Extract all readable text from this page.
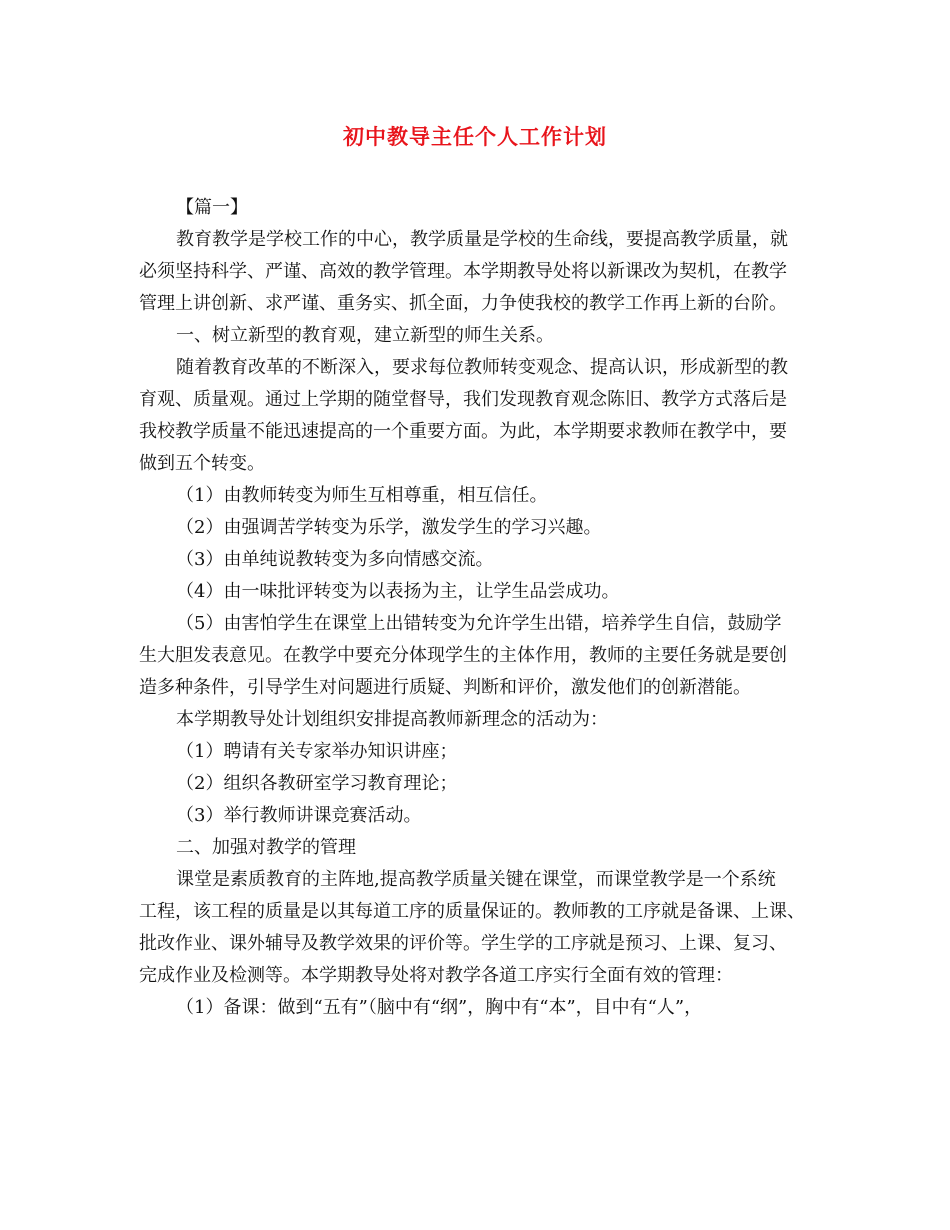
初中教导主任个人工作计划
【篇一】
教育教学是学校工作的中心，教学质量是学校的生命线，要提高教学质量，就
必须坚持科学、严谨、高效的教学管理。本学期教导处将以新课改为契机，在教学
管理上讲创新、求严谨、重务实、抓全面，力争使我校的教学工作再上新的台阶。
一、树立新型的教育观，建立新型的师生关系。
随着教育改革的不断深入，要求每位教师转变观念、提高认识，形成新型的教
育观、质量观。通过上学期的随堂督导，我们发现教育观念陈旧、教学方式落后是
我校教学质量不能迅速提高的一个重要方面。为此，本学期要求教师在教学中，要
做到五个转变。
（1）由教师转变为师生互相尊重，相互信任。
（2）由强调苦学转变为乐学，激发学生的学习兴趣。
（3）由单纯说教转变为多向情感交流。
（4）由一味批评转变为以表扬为主，让学生品尝成功。
（5）由害怕学生在课堂上出错转变为允许学生出错，培养学生自信，鼓励学
生大胆发表意见。在教学中要充分体现学生的主体作用，教师的主要任务就是要创
造多种条件，引导学生对问题进行质疑、判断和评价，激发他们的创新潜能。
本学期教导处计划组织安排提高教师新理念的活动为：
（1）聘请有关专家举办知识讲座；
（2）组织各教研室学习教育理论；
（3）举行教师讲课竞赛活动。
二、加强对教学的管理
课堂是素质教育的主阵地,提高教学质量关键在课堂，而课堂教学是一个系统
工程，该工程的质量是以其每道工序的质量保证的。教师教的工序就是备课、上课、
批改作业、课外辅导及教学效果的评价等。学生学的工序就是预习、上课、复习、
完成作业及检测等。本学期教导处将对教学各道工序实行全面有效的管理：
（1）备课：做到“五有”（脑中有“纲”，胸中有“本”，目中有“人”，
